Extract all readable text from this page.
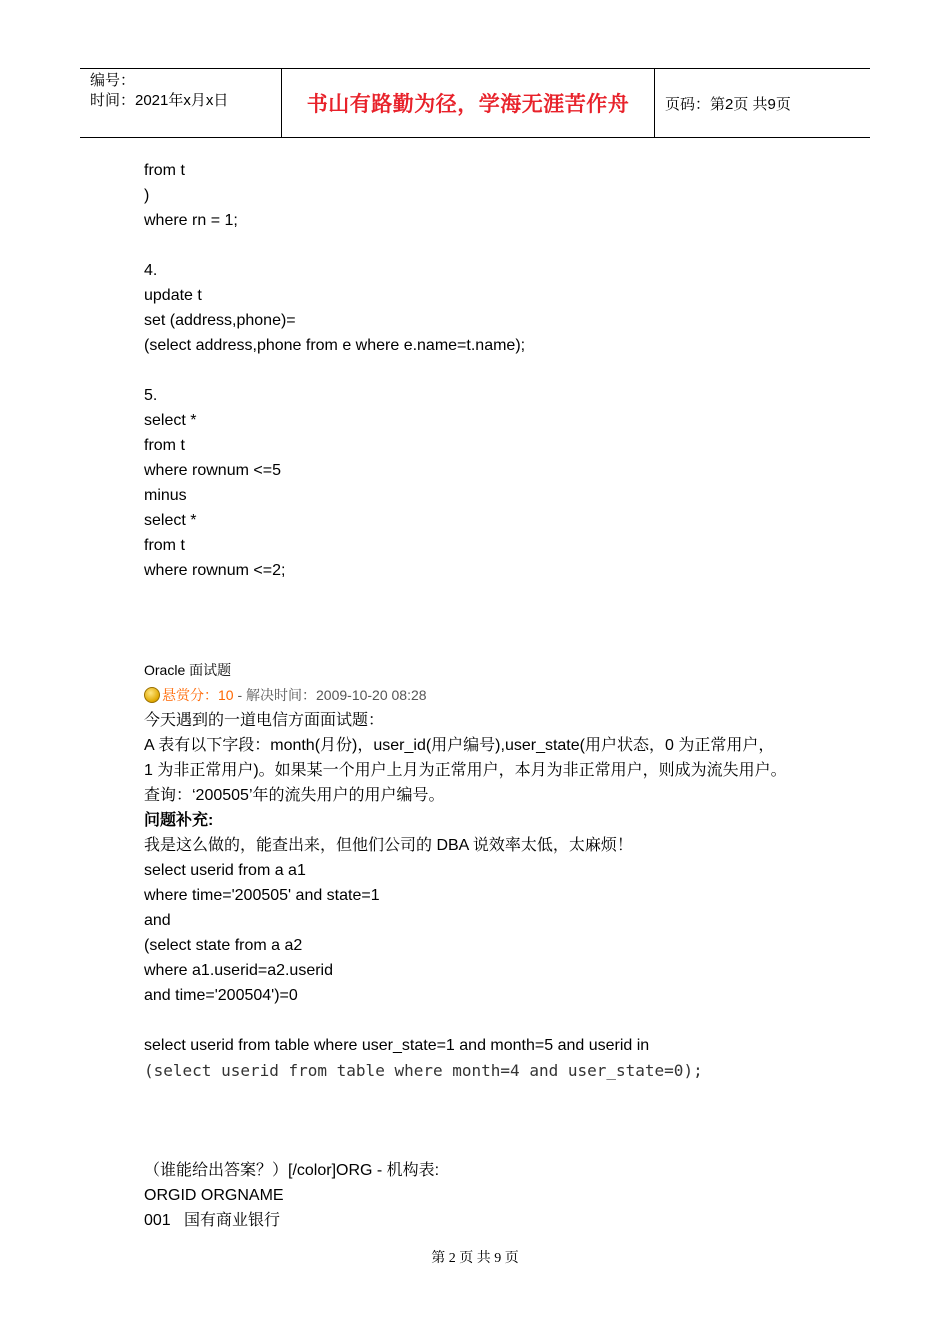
编号：
时间：2021年x月x日	书山有路勤为径，学海无涯苦作舟 页码：第2页 共9页
from t
)
where rn = 1;
4.
update t
set (address,phone)=
(select address,phone from e where e.name=t.name);
5.
select *
from t
where rownum <=5
minus
select *
from t
where rownum <=2;
Oracle 面试题
悬赏分：10 - 解决时间：2009-10-20 08:28
今天遇到的一道电信方面面试题：
A 表有以下字段：month(月份)，user_id(用户编号),user_state(用户状态，0 为正常用户，
1 为非正常用户)。如果某一个用户上月为正常用户，本月为非正常用户，则成为流失用户。
查询：‘200505’年的流失用户的用户编号。
问题补充:
我是这么做的，能查出来，但他们公司的 DBA 说效率太低，太麻烦！
select userid from a a1
where time='200505' and state=1
and
(select state from a a2
where a1.userid=a2.userid
and time='200504')=0
select userid from table where user_state=1 and month=5 and userid in
(select userid from table where month=4 and user_state=0);
（谁能给出答案？）[/color]ORG - 机构表:
ORGID ORGNAME
001   国有商业银行
第 2 页 共 9 页
